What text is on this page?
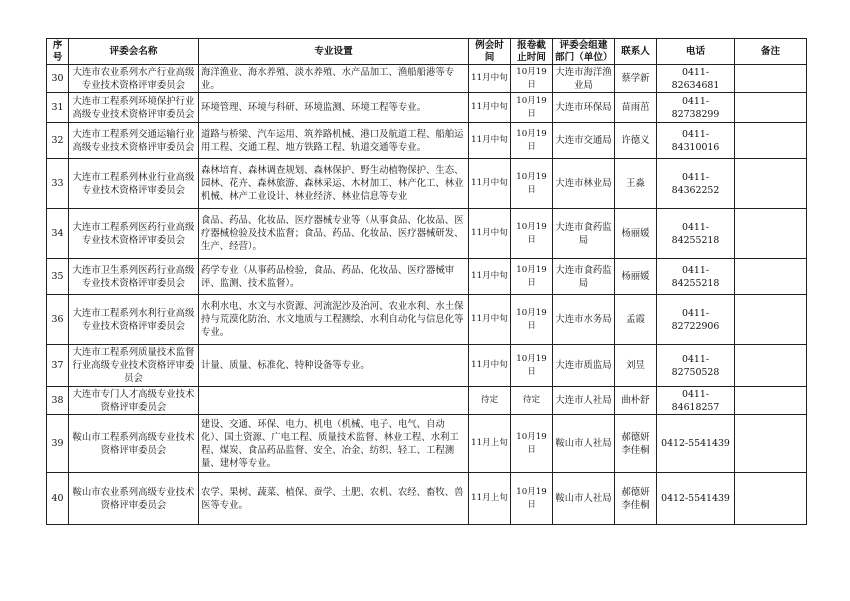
序号	评委会名称	专业设置	例会时间	报卷截止时间	评委会组建部门（单位）	联系人	电话	备注
30	大连市农业系列水产行业高级专业技术资格评审委员会	海洋渔业、海水养殖、淡水养殖、水产品加工、渔船船港等专业。	11月中旬	10月19日	大连市海洋渔业局	蔡学新	0411-82634681	
31	大连市工程系列环境保护行业高级专业技术资格评审委员会	环境管理、环境与科研、环境监测、环境工程等专业。	11月中旬	10月19日	大连市环保局	苗雨茁	0411-82738299	
32	大连市工程系列交通运输行业高级专业技术资格评审委员会	道路与桥梁、汽车运用、筑养路机械、港口及航道工程、船舶运用工程、交通工程、地方铁路工程、轨道交通等专业。	11月中旬	10月19日	大连市交通局	许德义	0411-84310016	
33	大连市工程系列林业行业高级专业技术资格评审委员会	森林培育、森林调查规划、森林保护、野生动植物保护、生态、园林、花卉、森林旅游、森林采运、木材加工、林产化工、林业机械、林产工业设计、林业经济、林业信息等专业	11月中旬	10月19日	大连市林业局	王淼	0411-84362252	
34	大连市工程系列医药行业高级专业技术资格评审委员会	食品、药品、化妆品、医疗器械专业等（从事食品、化妆品、医疗器械检验及技术监督；食品、药品、化妆品、医疗器械研发、生产、经营）。	11月中旬	10月19日	大连市食药监局	杨丽媛	0411-84255218	
35	大连市卫生系列医药行业高级专业技术资格评审委员会	药学专业（从事药品检验，食品、药品、化妆品、医疗器械审评、监测、技术监督）。	11月中旬	10月19日	大连市食药监局	杨丽媛	0411-84255218	
36	大连市工程系列水利行业高级专业技术资格评审委员会	水利水电、水文与水资源、河流泥沙及治河、农业水利、水土保持与荒漠化防治、水文地质与工程测绘、水利自动化与信息化等专业。	11月中旬	10月19日	大连市水务局	孟霞	0411-82722906	
37	大连市工程系列质量技术监督行业高级专业技术资格评审委员会	计量、质量、标准化、特种设备等专业。	11月中旬	10月19日	大连市质监局	刘昱	0411-82750528	
38	大连市专门人才高级专业技术资格评审委员会		待定	待定	大连市人社局	曲朴舒	0411-84618257	
39	鞍山市工程系列高级专业技术资格评审委员会	建设、交通、环保、电力、机电（机械、电子、电气、自动化）、国土资源、广电工程、质量技术监督、林业工程、水利工程、煤炭、食品药品监督、安全、冶金、纺织、轻工、工程测量、建材等专业。	11月上旬	10月19日	鞍山市人社局	郝德妍 李佳桐	0412-5541439	
40	鞍山市农业系列高级专业技术资格评审委员会	农学、果树、蔬菜、植保、蚕学、土肥、农机、农经、畜牧、兽医等专业。	11月上旬	10月19日	鞍山市人社局	郝德妍 李佳桐	0412-5541439	
